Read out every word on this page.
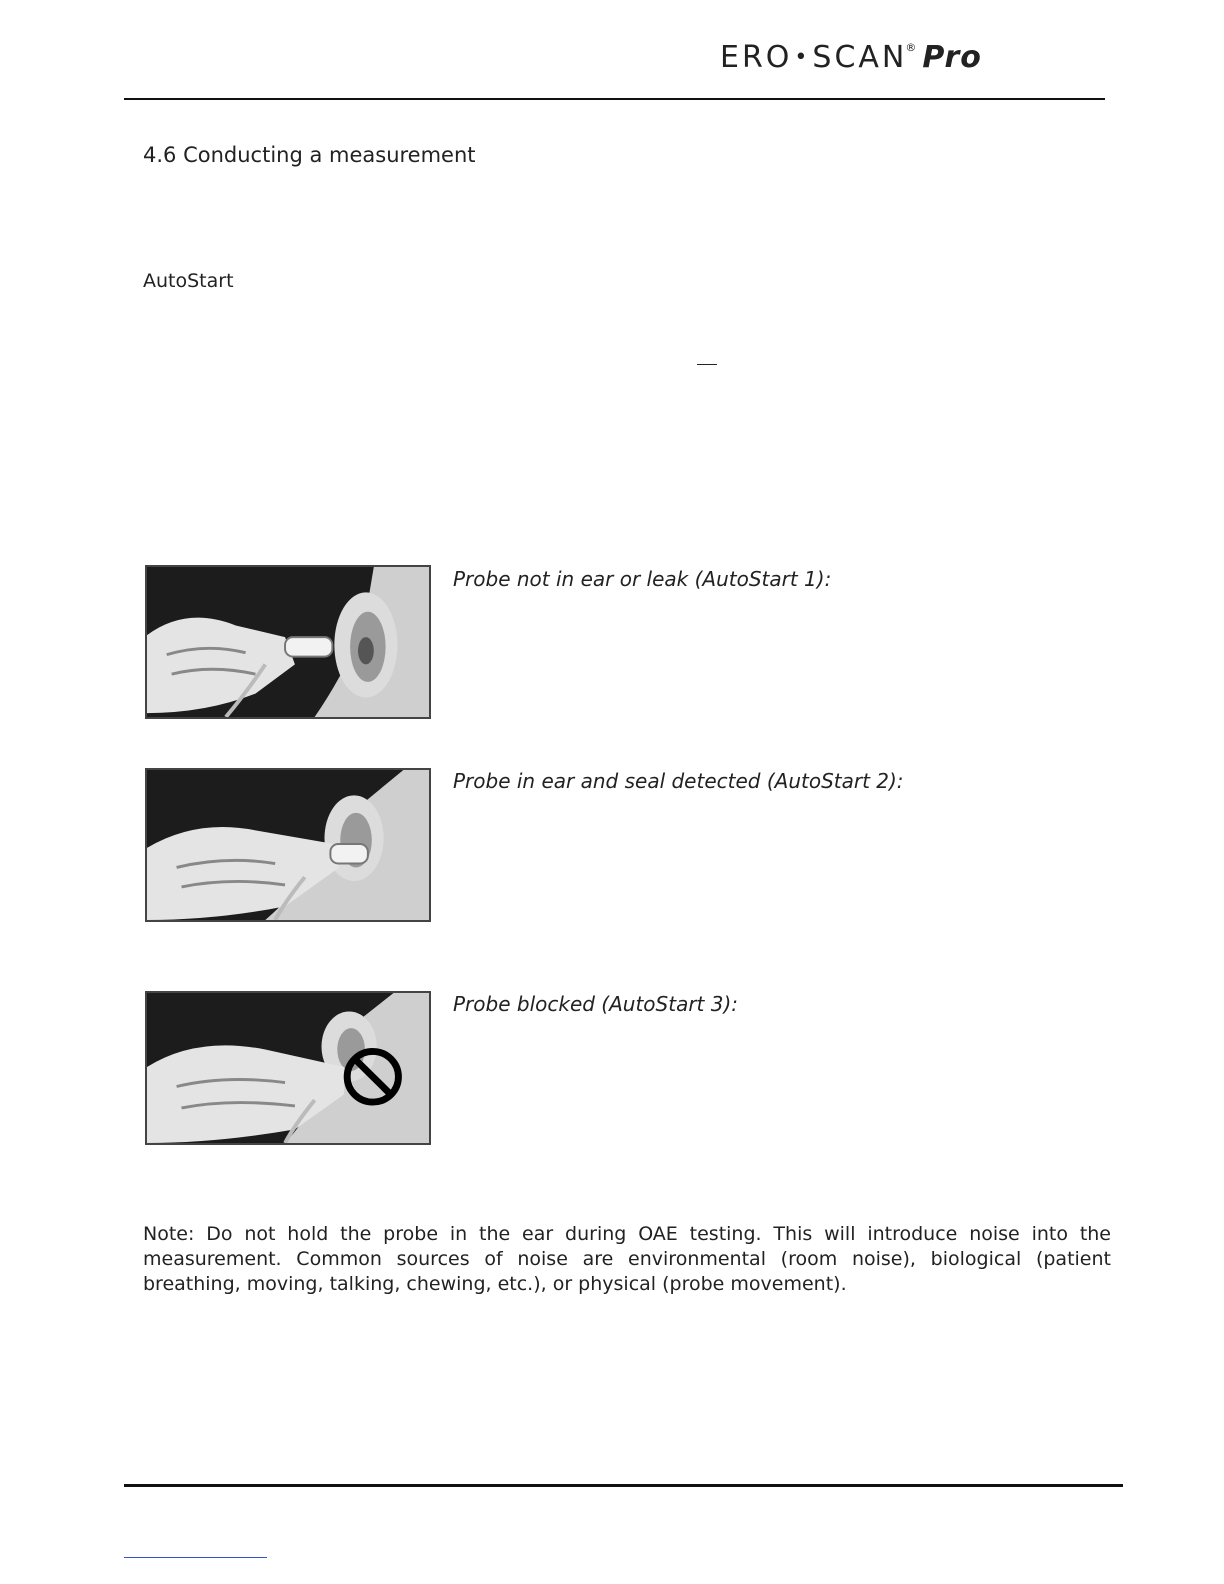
ERO•SCAN® Pro
4.6 Conducting a measurement
AutoStart
Probe not in ear or leak (AutoStart 1):
Probe in ear and seal detected (AutoStart 2):
Probe blocked (AutoStart 3):
Note: Do not hold the probe in the ear during OAE testing. This will introduce noise into the measurement. Common sources of noise are environmental (room noise), biological (patient breathing, moving, talking, chewing, etc.), or physical (probe movement).
